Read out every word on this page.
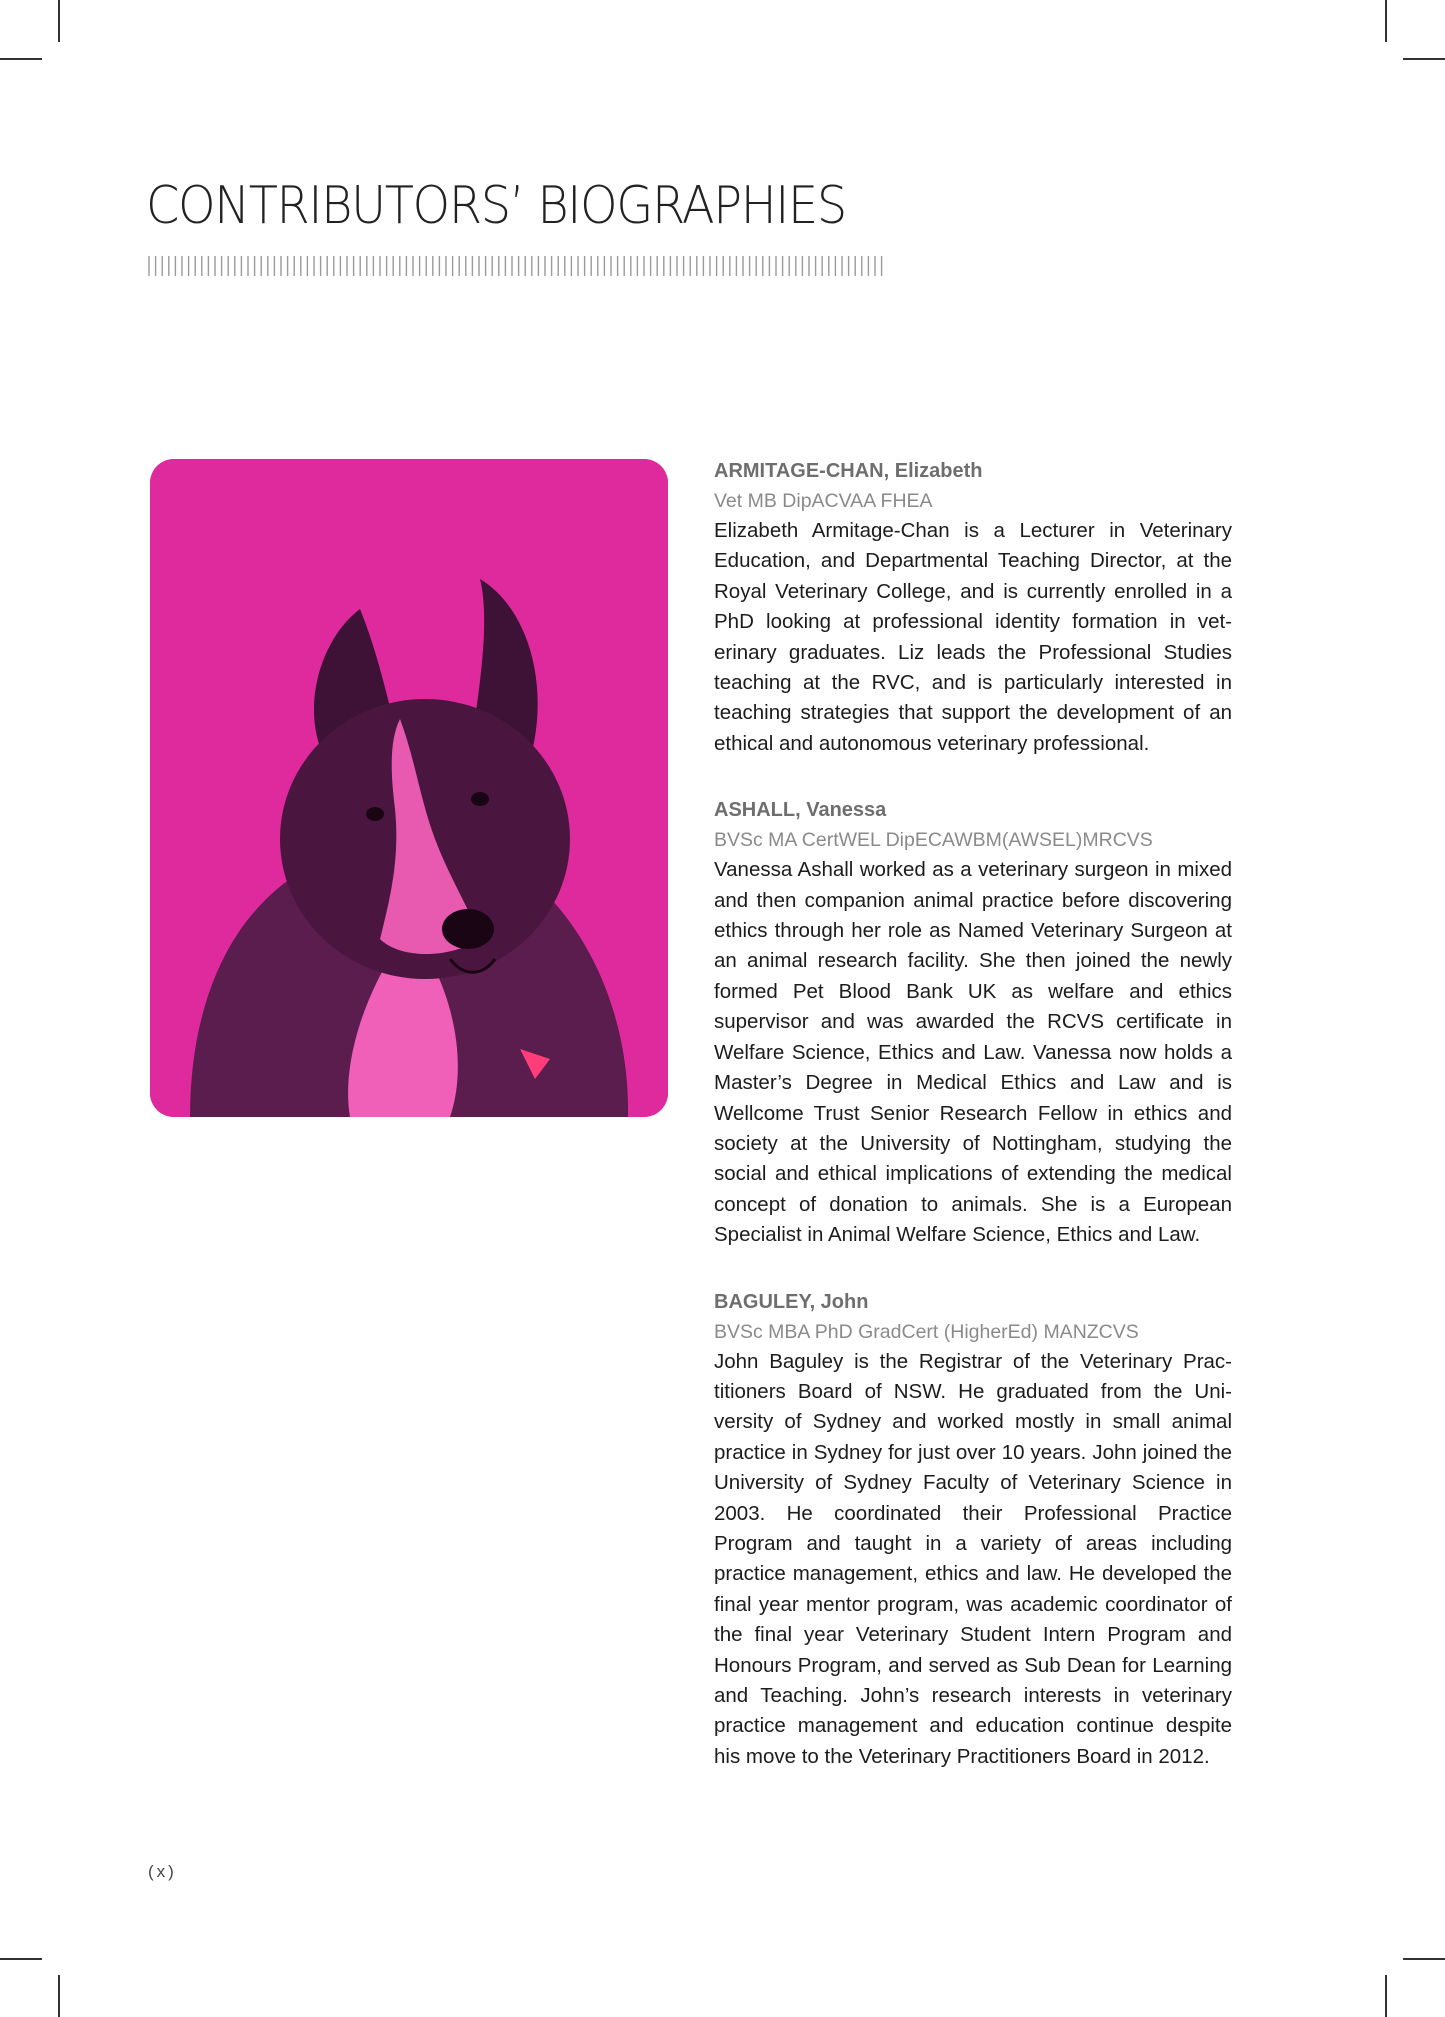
CONTRIBUTORS’ BIOGRAPHIES

ARMITAGE-CHAN, Elizabeth

Vet MB DipACVAA FHEA

Elizabeth Armitage-Chan is a Lecturer in Veterinary Education, and Departmental Teaching Director, at the Royal Veterinary College, and is currently enrolled in a PhD looking at professional identity formation in veterinary graduates. Liz leads the Professional Studies teaching at the RVC, and is particularly interested in teaching strategies that support the development of an ethical and autonomous veterinary professional.

ASHALL, Vanessa

BVSc MA CertWEL DipECAWBM(AWSEL)MRCVS

Vanessa Ashall worked as a veterinary surgeon in mixed and then companion animal practice before discovering ethics through her role as Named Veterinary Surgeon at an animal research facility. She then joined the newly formed Pet Blood Bank UK as welfare and ethics supervisor and was awarded the RCVS certificate in Welfare Science, Ethics and Law. Vanessa now holds a Master’s Degree in Medical Ethics and Law and is Wellcome Trust Senior Research Fellow in ethics and society at the University of Nottingham, studying the social and ethical implications of extending the medical concept of donation to animals. She is a European Specialist in Animal Welfare Science, Ethics and Law.

BAGULEY, John

BVSc MBA PhD GradCert (HigherEd) MANZCVS

John Baguley is the Registrar of the Veterinary Practitioners Board of NSW. He graduated from the University of Sydney and worked mostly in small animal practice in Sydney for just over 10 years. John joined the University of Sydney Faculty of Veterinary Science in 2003. He coordinated their Professional Practice Program and taught in a variety of areas including practice management, ethics and law. He developed the final year mentor program, was academic coordinator of the final year Veterinary Student Intern Program and Honours Program, and served as Sub Dean for Learning and Teaching. John’s research interests in veterinary practice management and education continue despite his move to the Veterinary Practitioners Board in 2012.

(x)
